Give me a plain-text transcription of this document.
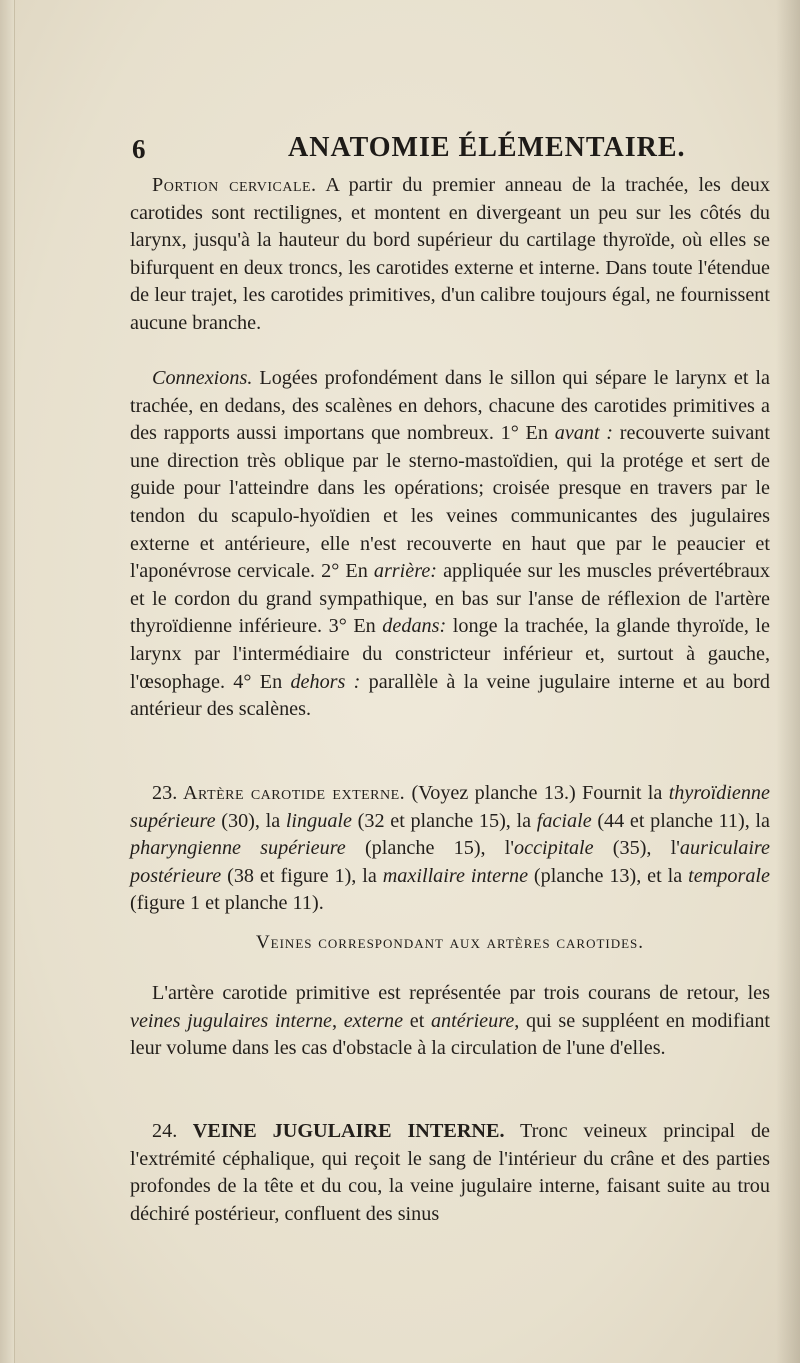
6	ANATOMIE ÉLÉMENTAIRE.
Portion cervicale. A partir du premier anneau de la trachée, les deux carotides sont rectilignes, et montent en divergeant un peu sur les côtés du larynx, jusqu'à la hauteur du bord supérieur du cartilage thyroïde, où elles se bifurquent en deux troncs, les carotides externe et interne. Dans toute l'étendue de leur trajet, les carotides primitives, d'un calibre toujours égal, ne fournissent aucune branche.
Connexions. Logées profondément dans le sillon qui sépare le larynx et la trachée, en dedans, des scalènes en dehors, chacune des carotides primitives a des rapports aussi importans que nombreux. 1° En avant : recouverte suivant une direction très oblique par le sterno-mastoïdien, qui la protége et sert de guide pour l'atteindre dans les opérations; croisée presque en travers par le tendon du scapulo-hyoïdien et les veines communicantes des jugulaires externe et antérieure, elle n'est recouverte en haut que par le peaucier et l'aponévrose cervicale. 2° En arrière: appliquée sur les muscles prévertébraux et le cordon du grand sympathique, en bas sur l'anse de réflexion de l'artère thyroïdienne inférieure. 3° En dedans: longe la trachée, la glande thyroïde, le larynx par l'intermédiaire du constricteur inférieur et, surtout à gauche, l'œsophage. 4° En dehors : parallèle à la veine jugulaire interne et au bord antérieur des scalènes.
23. Artère carotide externe. (Voyez planche 13.) Fournit la thyroïdienne supérieure (30), la linguale (32 et planche 15), la faciale (44 et planche 11), la pharyngienne supérieure (planche 15), l'occipitale (35), l'auriculaire postérieure (38 et figure 1), la maxillaire interne (planche 13), et la temporale (figure 1 et planche 11).
Veines correspondant aux artères carotides.
L'artère carotide primitive est représentée par trois courans de retour, les veines jugulaires interne, externe et antérieure, qui se suppléent en modifiant leur volume dans les cas d'obstacle à la circulation de l'une d'elles.
24. VEINE JUGULAIRE INTERNE. Tronc veineux principal de l'extrémité céphalique, qui reçoit le sang de l'intérieur du crâne et des parties profondes de la tête et du cou, la veine jugulaire interne, faisant suite au trou déchiré postérieur, confluent des sinus
